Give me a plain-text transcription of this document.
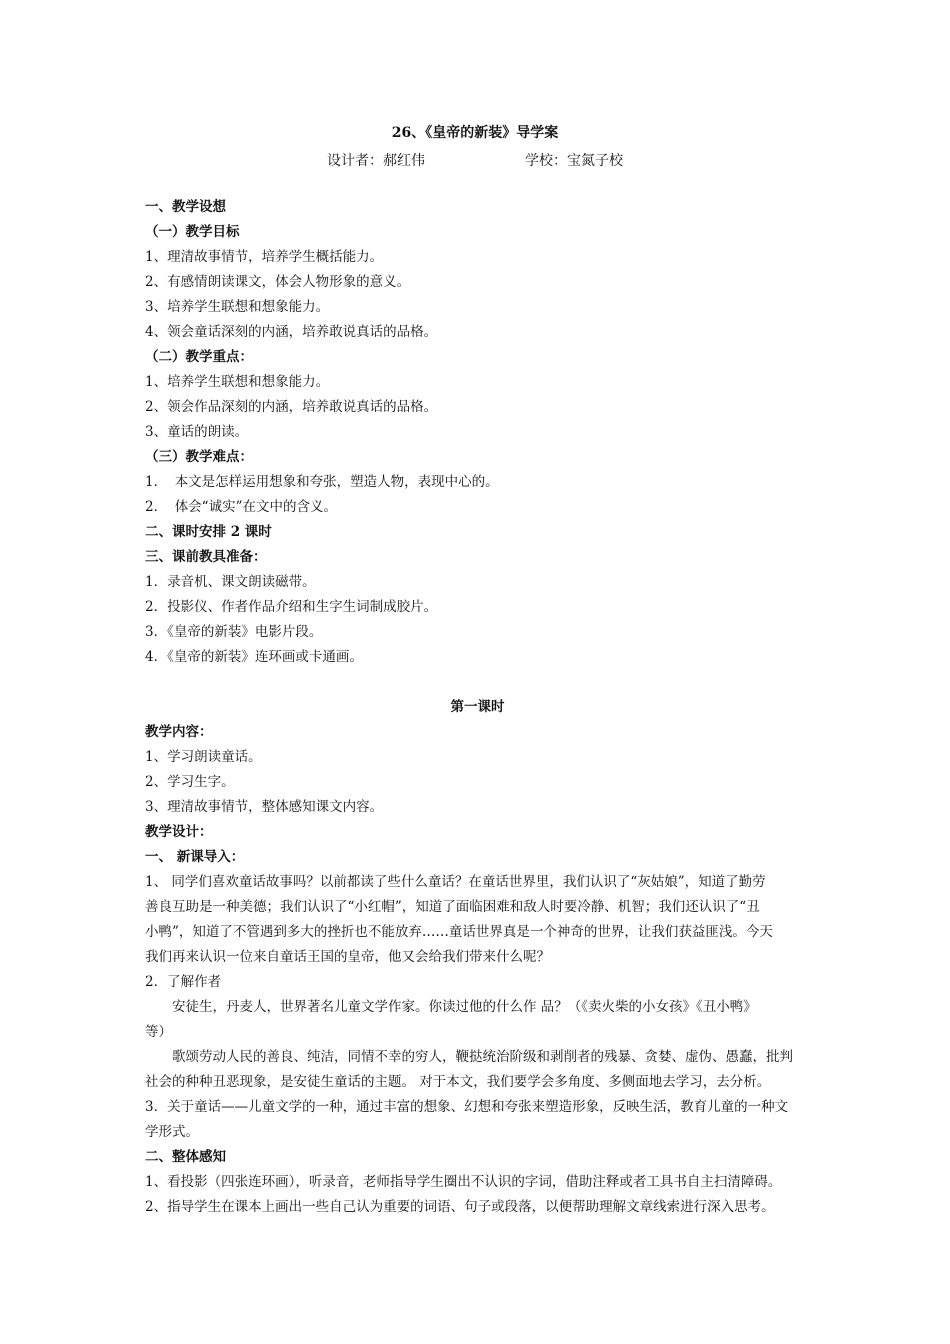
26、《皇帝的新装》导学案
设计者：郝红伟	学校：宝氮子校
一、教学设想
（一）教学目标
1、理清故事情节，培养学生概括能力。
2、有感情朗读课文，体会人物形象的意义。
3、培养学生联想和想象能力。
4、领会童话深刻的内涵，培养敢说真话的品格。
（二）教学重点：
1、培养学生联想和想象能力。
2、领会作品深刻的内涵，培养敢说真话的品格。
3、童话的朗读。
（三）教学难点：
1． 本文是怎样运用想象和夸张，塑造人物，表现中心的。
2． 体会“诚实”在文中的含义。
二、课时安排 2 课时
三、课前教具准备：
1．录音机、课文朗读磁带。
2．投影仪、作者作品介绍和生字生词制成胶片。
3．《皇帝的新装》电影片段。
4．《皇帝的新装》连环画或卡通画。
第一课时
教学内容：
1、学习朗读童话。
2、学习生字。
3、理清故事情节，整体感知课文内容。
教学设计：
一、 新课导入：
1、 同学们喜欢童话故事吗？以前都读了些什么童话？在童话世界里，我们认识了“灰姑娘”，知道了勤劳
善良互助是一种美德；我们认识了“小红帽”，知道了面临困难和敌人时要冷静、机智；我们还认识了“丑
小鸭”，知道了不管遇到多大的挫折也不能放弃……童话世界真是一个神奇的世界，让我们获益匪浅。今天
我们再来认识一位来自童话王国的皇帝，他又会给我们带来什么呢？
2．了解作者
安徒生，丹麦人，世界著名儿童文学作家。你读过他的什么作 品？（《卖火柴的小女孩》《丑小鸭》
等）
歌颂劳动人民的善良、纯洁，同情不幸的穷人，鞭挞统治阶级和剥削者的残暴、贪婪、虚伪、愚蠢，批判
社会的种种丑恶现象，是安徒生童话的主题。 对于本文，我们要学会多角度、多侧面地去学习，去分析。
3．关于童话——儿童文学的一种，通过丰富的想象、幻想和夸张来塑造形象，反映生活，教育儿童的一种文
学形式。
二、整体感知
1、看投影（四张连环画），听录音，老师指导学生圈出不认识的字词，借助注释或者工具书自主扫清障碍。
2、指导学生在课本上画出一些自己认为重要的词语、句子或段落，以便帮助理解文章线索进行深入思考。
